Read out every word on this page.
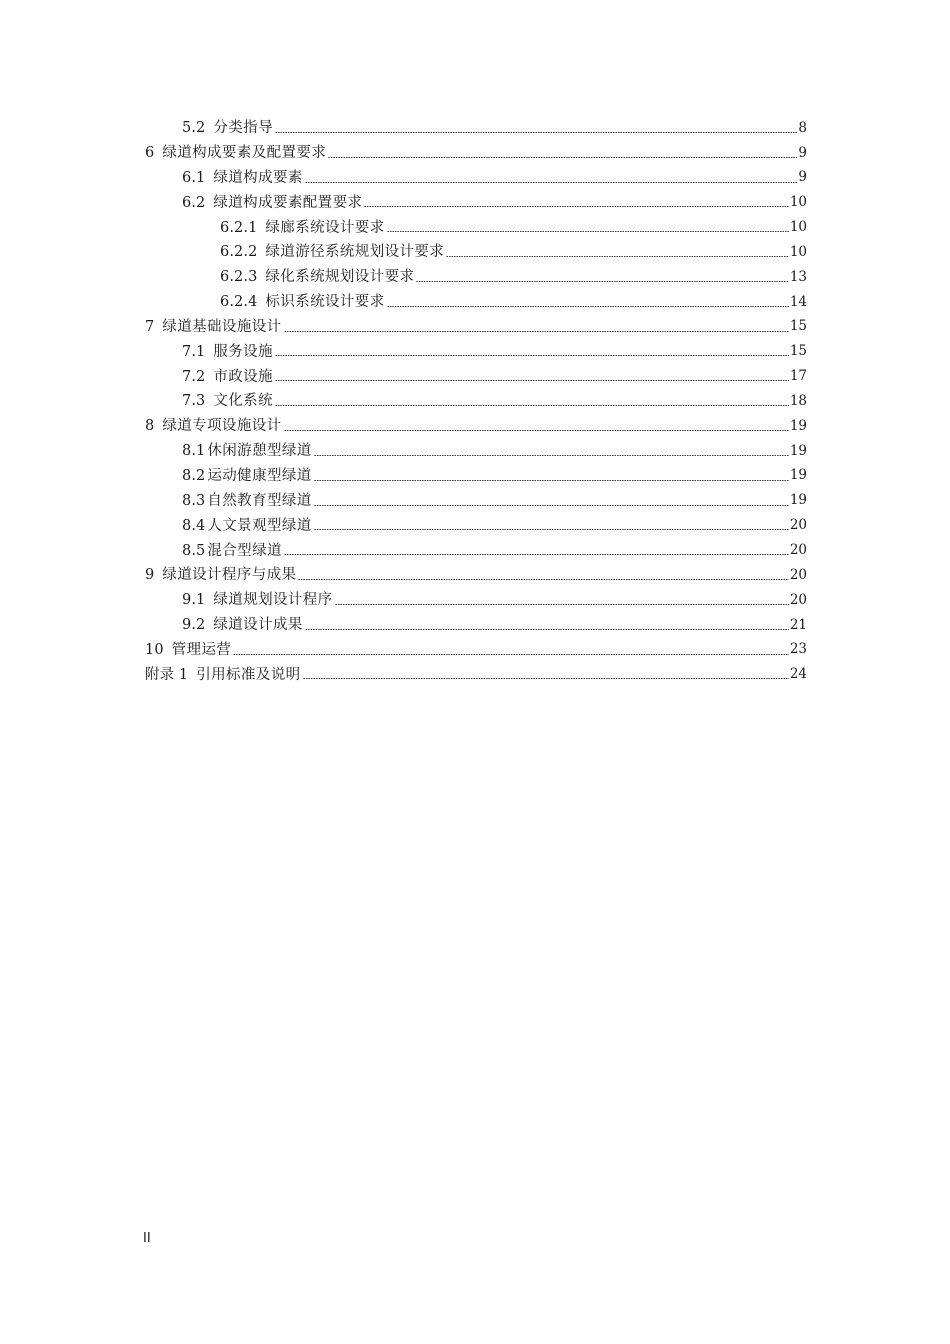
5.2 分类指导	8
6 绿道构成要素及配置要求	9
6.1 绿道构成要素	9
6.2 绿道构成要素配置要求	10
6.2.1 绿廊系统设计要求	10
6.2.2 绿道游径系统规划设计要求	10
6.2.3 绿化系统规划设计要求	13
6.2.4 标识系统设计要求	14
7 绿道基础设施设计	15
7.1 服务设施	15
7.2 市政设施	17
7.3 文化系统	18
8 绿道专项设施设计	19
8.1 休闲游憩型绿道	19
8.2 运动健康型绿道	19
8.3 自然教育型绿道	19
8.4 人文景观型绿道	20
8.5 混合型绿道	20
9 绿道设计程序与成果	20
9.1 绿道规划设计程序	20
9.2 绿道设计成果	21
10 管理运营	23
附录 1 引用标准及说明	24
II
